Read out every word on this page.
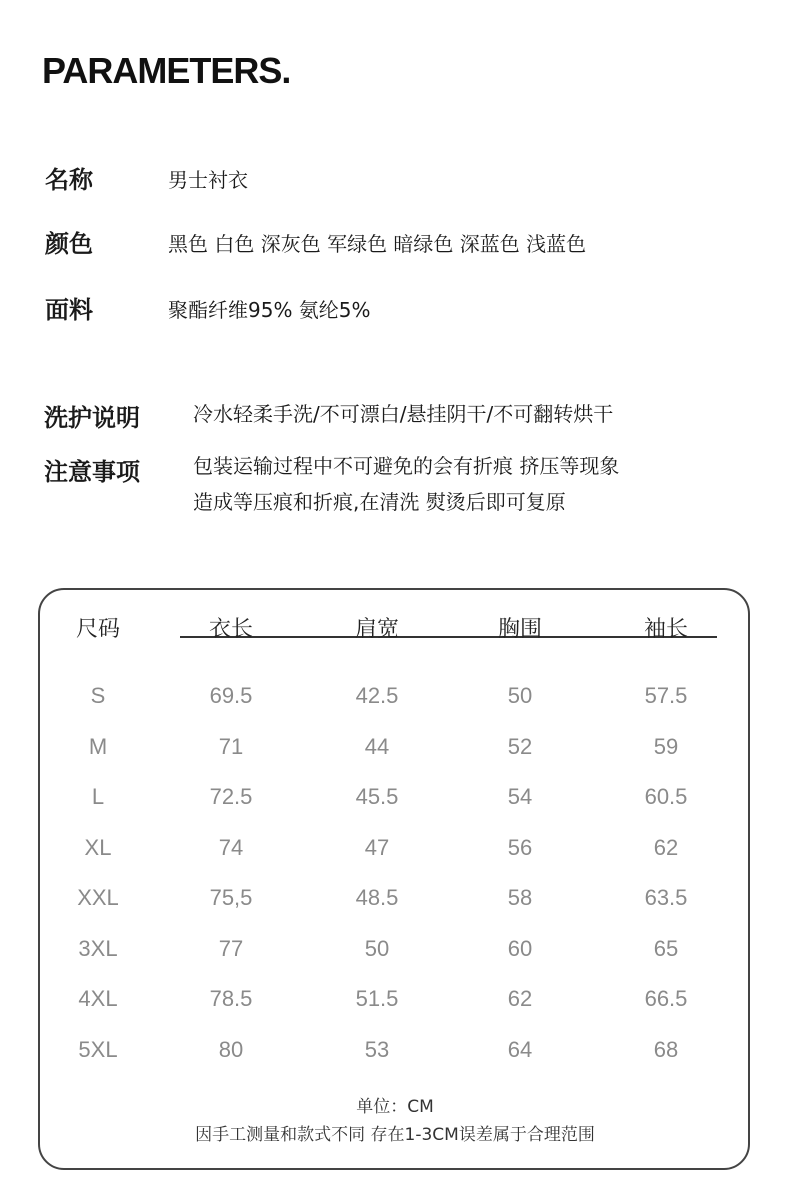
PARAMETERS.
名称	男士衬衣
颜色	黑色 白色 深灰色 军绿色 暗绿色 深蓝色 浅蓝色
面料	聚酯纤维95% 氨纶5%
洗护说明	冷水轻柔手洗/不可漂白/悬挂阴干/不可翻转烘干
注意事项	包装运输过程中不可避免的会有折痕 挤压等现象
造成等压痕和折痕,在清洗 熨烫后即可复原
尺码	衣长	肩宽	胸围	袖长
S	69.5	42.5	50	57.5
M	71	44	52	59
L	72.5	45.5	54	60.5
XL	74	47	56	62
XXL	75,5	48.5	58	63.5
3XL	77	50	60	65
4XL	78.5	51.5	62	66.5
5XL	80	53	64	68
单位：CM
因手工测量和款式不同 存在1-3CM误差属于合理范围
